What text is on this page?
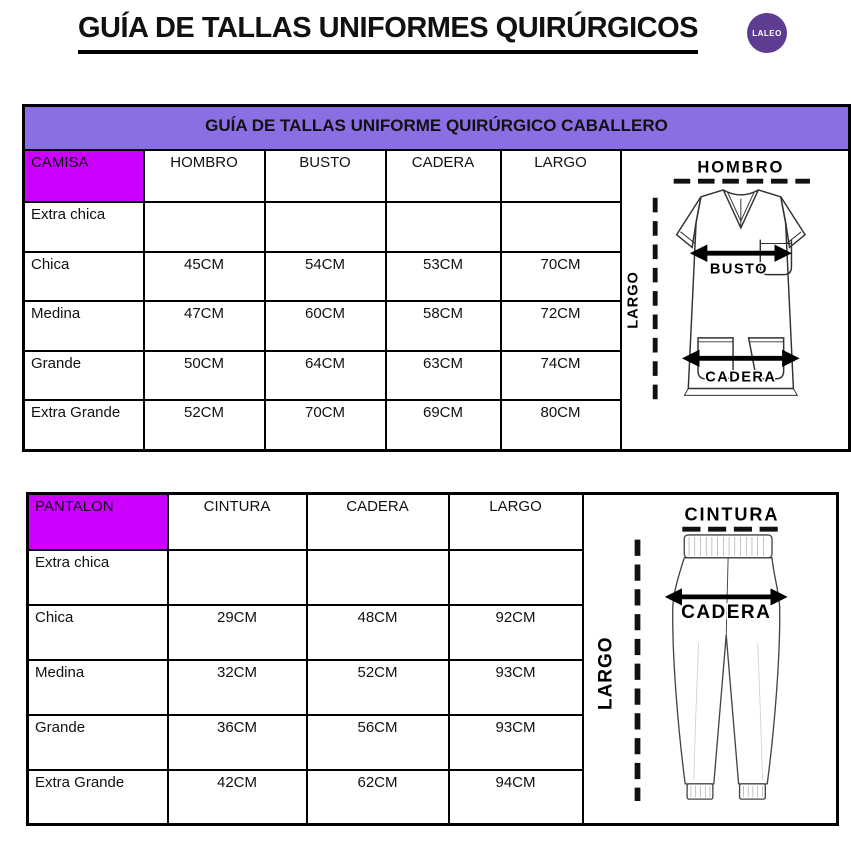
GUÍA DE TALLAS UNIFORMES QUIRÚRGICOS	LALEO
GUÍA DE TALLAS UNIFORME QUIRÚRGICO CABALLERO					
CAMISA	HOMBRO	BUSTO	CADERA	LARGO	HOMBRO
BUSTO
CADERA
LARGO

Extra chica					
Chica	45CM	54CM	53CM	70CM	
Medina	47CM	60CM	58CM	72CM	
Grande	50CM	64CM	63CM	74CM	
Extra Grande	52CM	70CM	69CM	80CM	
PANTALON	CINTURA	CADERA	LARGO	CINTURA
CADERA
LARGO

Extra chica				
Chica	29CM	48CM	92CM	
Medina	32CM	52CM	93CM	
Grande	36CM	56CM	93CM	
Extra Grande	42CM	62CM	94CM	
